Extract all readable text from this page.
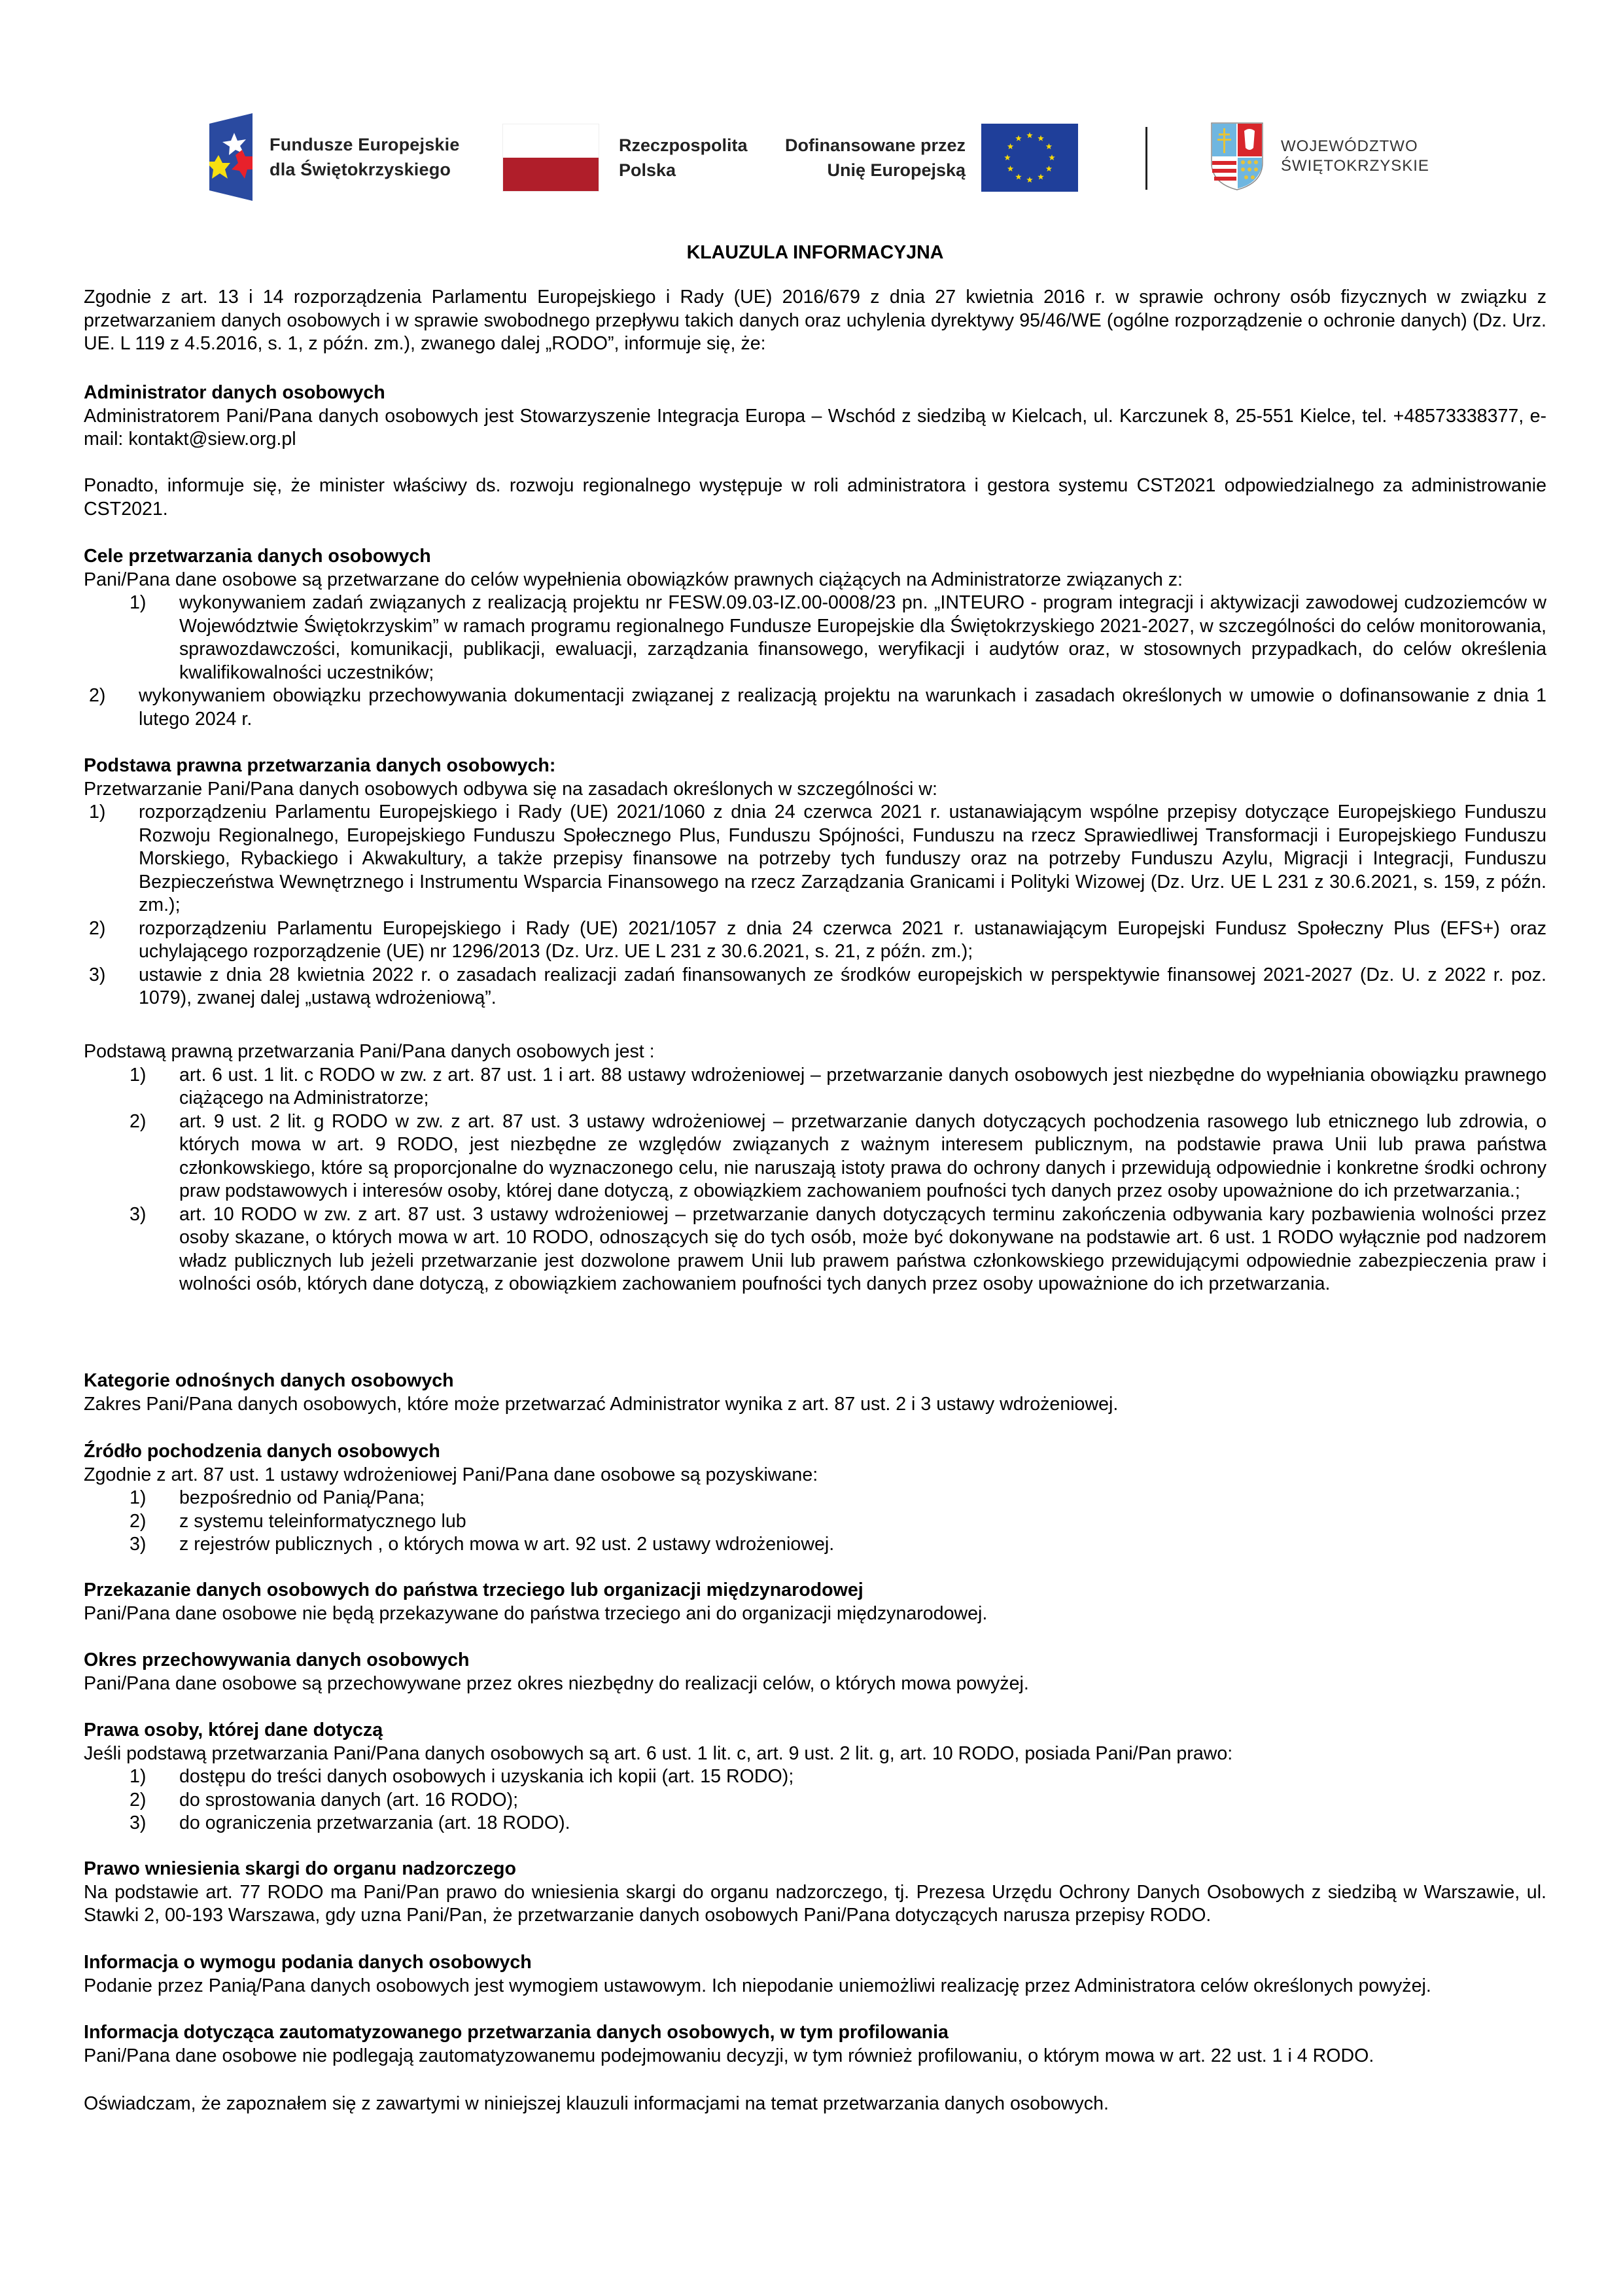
Fundusze Europejskie
dla Świętokrzyskiego
Rzeczpospolita
Polska
Dofinansowane przez
Unię Europejską
WOJEWÓDZTWO
ŚWIĘTOKRZYSKIE
KLAUZULA INFORMACYJNA
Zgodnie z art. 13 i 14 rozporządzenia Parlamentu Europejskiego i Rady (UE) 2016/679 z dnia 27 kwietnia 2016 r. w sprawie ochrony osób fizycznych w związku z przetwarzaniem danych osobowych i w sprawie swobodnego przepływu takich danych oraz uchylenia dyrektywy 95/46/WE (ogólne rozporządzenie o ochronie danych) (Dz. Urz. UE. L 119 z 4.5.2016, s. 1, z późn. zm.), zwanego dalej „RODO”, informuje się, że:
Administrator danych osobowych
Administratorem Pani/Pana danych osobowych jest Stowarzyszenie Integracja Europa – Wschód z siedzibą w Kielcach, ul. Karczunek 8, 25-551 Kielce, tel. +48573338377, e-mail: kontakt@siew.org.pl
Ponadto, informuje się, że minister właściwy ds. rozwoju regionalnego występuje w roli administratora i gestora systemu CST2021 odpowiedzialnego za administrowanie CST2021.
Cele przetwarzania danych osobowych
Pani/Pana dane osobowe są przetwarzane do celów wypełnienia obowiązków prawnych ciążących na Administratorze związanych z:
1)	wykonywaniem zadań związanych z realizacją projektu nr FESW.09.03-IZ.00-0008/23 pn. „INTEURO - program integracji i aktywizacji zawodowej cudzoziemców w Województwie Świętokrzyskim” w ramach programu regionalnego Fundusze Europejskie dla Świętokrzyskiego 2021-2027, w szczególności do celów monitorowania, sprawozdawczości, komunikacji, publikacji, ewaluacji, zarządzania finansowego, weryfikacji i audytów oraz, w stosownych przypadkach, do celów określenia kwalifikowalności uczestników;
2)	wykonywaniem obowiązku przechowywania dokumentacji związanej z realizacją projektu na warunkach i zasadach określonych w umowie o dofinansowanie z dnia 1 lutego 2024 r.
Podstawa prawna przetwarzania danych osobowych:
Przetwarzanie Pani/Pana danych osobowych odbywa się na zasadach określonych w szczególności w:
1)	rozporządzeniu Parlamentu Europejskiego i Rady (UE) 2021/1060 z dnia 24 czerwca 2021 r. ustanawiającym wspólne przepisy dotyczące Europejskiego Funduszu Rozwoju Regionalnego, Europejskiego Funduszu Społecznego Plus, Funduszu Spójności, Funduszu na rzecz Sprawiedliwej Transformacji i Europejskiego Funduszu Morskiego, Rybackiego i Akwakultury, a także przepisy finansowe na potrzeby tych funduszy oraz na potrzeby Funduszu Azylu, Migracji i Integracji, Funduszu Bezpieczeństwa Wewnętrznego i Instrumentu Wsparcia Finansowego na rzecz Zarządzania Granicami i Polityki Wizowej (Dz. Urz. UE L 231 z 30.6.2021, s. 159, z późn. zm.);
2)	rozporządzeniu Parlamentu Europejskiego i Rady (UE) 2021/1057 z dnia 24 czerwca 2021 r. ustanawiającym Europejski Fundusz Społeczny Plus (EFS+) oraz uchylającego rozporządzenie (UE) nr 1296/2013 (Dz. Urz. UE L 231 z 30.6.2021, s. 21, z późn. zm.);
3)	ustawie z dnia 28 kwietnia 2022 r. o zasadach realizacji zadań finansowanych ze środków europejskich w perspektywie finansowej 2021-2027 (Dz. U. z 2022 r. poz. 1079), zwanej dalej „ustawą wdrożeniową”.
Podstawą prawną przetwarzania Pani/Pana danych osobowych jest :
1)	art. 6 ust. 1 lit. c RODO w zw. z art. 87 ust. 1 i art. 88 ustawy wdrożeniowej – przetwarzanie danych osobowych jest niezbędne do wypełniania obowiązku prawnego ciążącego na Administratorze;
2)	art. 9 ust. 2 lit. g RODO w zw. z art. 87 ust. 3 ustawy wdrożeniowej – przetwarzanie danych dotyczących pochodzenia rasowego lub etnicznego lub zdrowia, o których mowa w art. 9 RODO, jest niezbędne ze względów związanych z ważnym interesem publicznym, na podstawie prawa Unii lub prawa państwa członkowskiego, które są proporcjonalne do wyznaczonego celu, nie naruszają istoty prawa do ochrony danych i przewidują odpowiednie i konkretne środki ochrony praw podstawowych i interesów osoby, której dane dotyczą, z obowiązkiem zachowaniem poufności tych danych przez osoby upoważnione do ich przetwarzania.;
3)	art. 10 RODO w zw. z art. 87 ust. 3 ustawy wdrożeniowej – przetwarzanie danych dotyczących terminu zakończenia odbywania kary pozbawienia wolności przez osoby skazane, o których mowa w art. 10 RODO, odnoszących się do tych osób, może być dokonywane na podstawie art. 6 ust. 1 RODO wyłącznie pod nadzorem władz publicznych lub jeżeli przetwarzanie jest dozwolone prawem Unii lub prawem państwa członkowskiego przewidującymi odpowiednie zabezpieczenia praw i wolności osób, których dane dotyczą, z obowiązkiem zachowaniem poufności tych danych przez osoby upoważnione do ich przetwarzania.
Kategorie odnośnych danych osobowych
Zakres Pani/Pana danych osobowych, które może przetwarzać Administrator wynika z art. 87 ust. 2 i 3 ustawy wdrożeniowej.
Źródło pochodzenia danych osobowych
Zgodnie z art. 87 ust. 1 ustawy wdrożeniowej Pani/Pana dane osobowe są pozyskiwane:
1)	bezpośrednio od Panią/Pana;
2)	z systemu teleinformatycznego lub
3)	z rejestrów publicznych , o których mowa w art. 92 ust. 2 ustawy wdrożeniowej.
Przekazanie danych osobowych do państwa trzeciego lub organizacji międzynarodowej
Pani/Pana dane osobowe nie będą przekazywane do państwa trzeciego ani do organizacji międzynarodowej.
Okres przechowywania danych osobowych
Pani/Pana dane osobowe są przechowywane przez okres niezbędny do realizacji celów, o których mowa powyżej.
Prawa osoby, której dane dotyczą
Jeśli podstawą przetwarzania Pani/Pana danych osobowych są art. 6 ust. 1 lit. c, art. 9 ust. 2 lit. g, art. 10 RODO, posiada Pani/Pan prawo:
1)	dostępu do treści danych osobowych i uzyskania ich kopii (art. 15 RODO);
2)	do sprostowania danych (art. 16 RODO);
3)	do ograniczenia przetwarzania (art. 18 RODO).
Prawo wniesienia skargi do organu nadzorczego
Na podstawie art. 77 RODO ma Pani/Pan prawo do wniesienia skargi do organu nadzorczego, tj. Prezesa Urzędu Ochrony Danych Osobowych z siedzibą w Warszawie, ul. Stawki 2, 00-193 Warszawa, gdy uzna Pani/Pan, że przetwarzanie danych osobowych Pani/Pana dotyczących narusza przepisy RODO.
Informacja o wymogu podania danych osobowych
Podanie przez Panią/Pana danych osobowych jest wymogiem ustawowym. Ich niepodanie uniemożliwi realizację przez Administratora celów określonych powyżej.
Informacja dotycząca zautomatyzowanego przetwarzania danych osobowych, w tym profilowania
Pani/Pana dane osobowe nie podlegają zautomatyzowanemu podejmowaniu decyzji, w tym również profilowaniu, o którym mowa w art. 22 ust. 1 i 4 RODO.
Oświadczam, że zapoznałem się z zawartymi w niniejszej klauzuli informacjami na temat przetwarzania danych osobowych.
